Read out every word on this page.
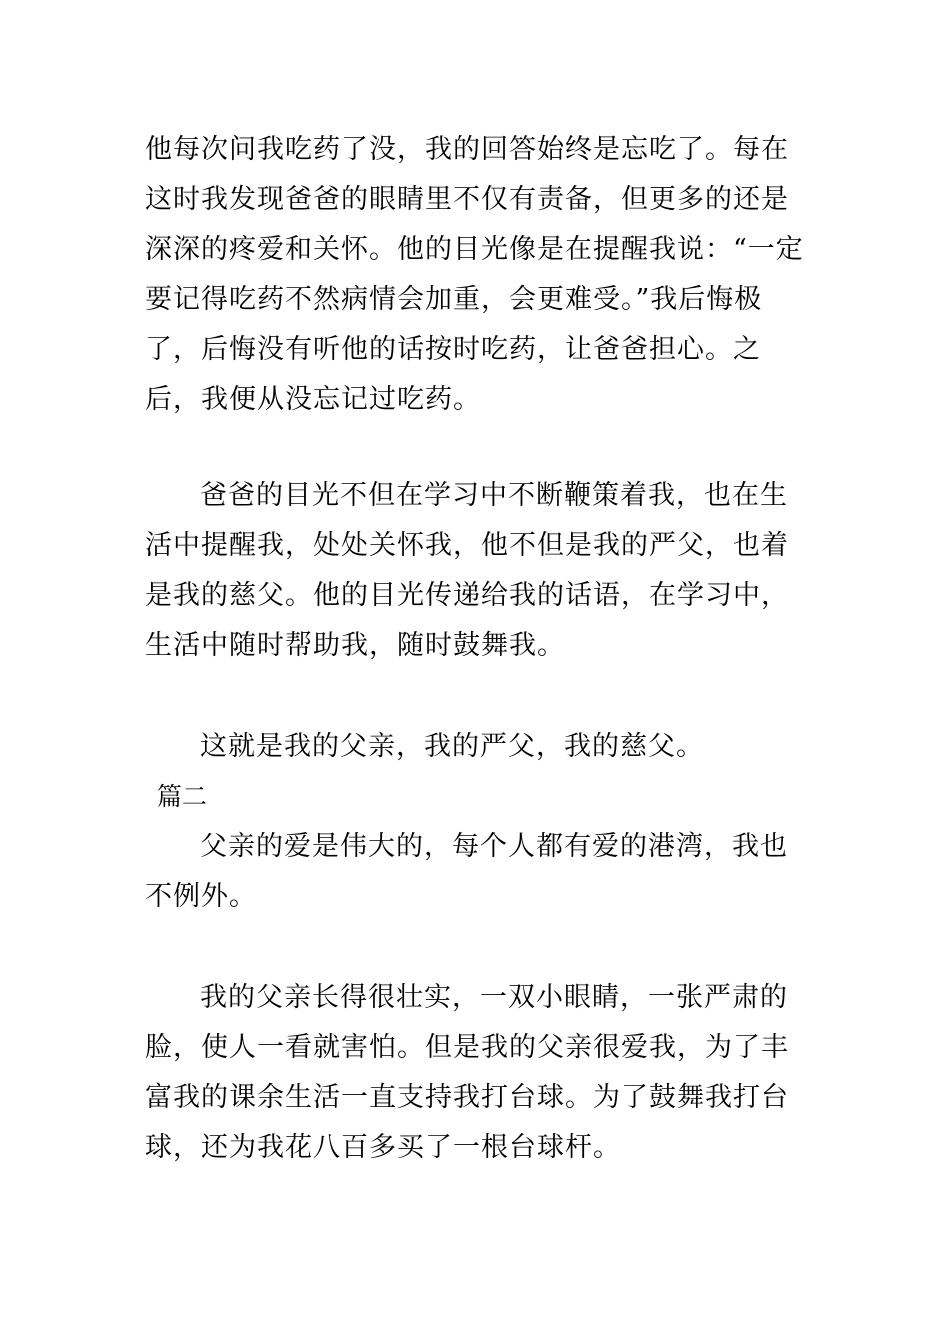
他每次问我吃药了没，我的回答始终是忘吃了。每在这时我发现爸爸的眼睛里不仅有责备，但更多的还是深深的疼爱和关怀。他的目光像是在提醒我说：“一定要记得吃药不然病情会加重，会更难受。”我后悔极了，后悔没有听他的话按时吃药，让爸爸担心。之后，我便从没忘记过吃药。

爸爸的目光不但在学习中不断鞭策着我，也在生活中提醒我，处处关怀我，他不但是我的严父，也着是我的慈父。他的目光传递给我的话语，在学习中，生活中随时帮助我，随时鼓舞我。

这就是我的父亲，我的严父，我的慈父。

篇二

父亲的爱是伟大的，每个人都有爱的港湾，我也不例外。

我的父亲长得很壮实，一双小眼睛，一张严肃的脸，使人一看就害怕。但是我的父亲很爱我，为了丰富我的课余生活一直支持我打台球。为了鼓舞我打台球，还为我花八百多买了一根台球杆。
